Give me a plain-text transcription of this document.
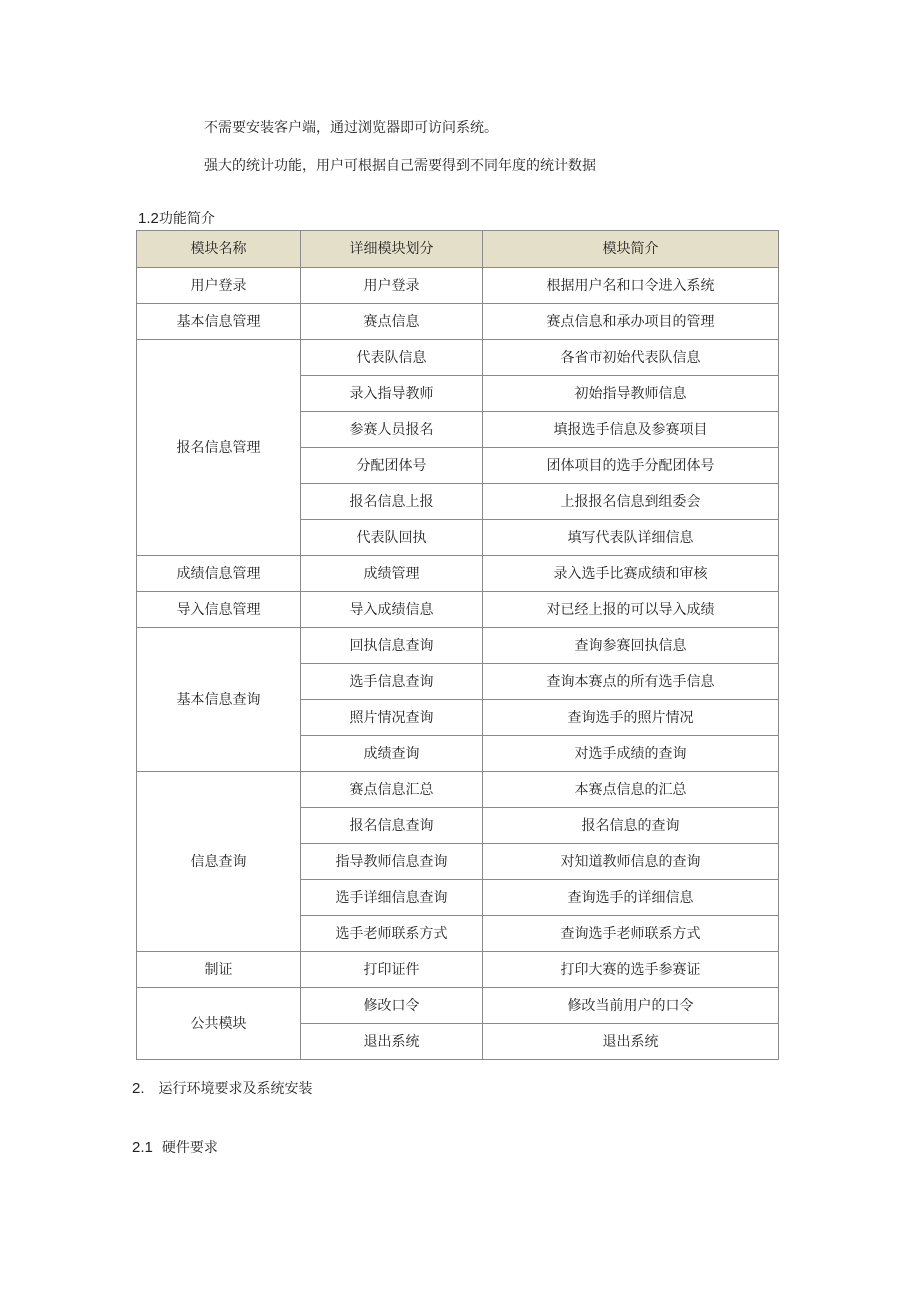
不需要安装客户端，通过浏览器即可访问系统。
强大的统计功能，用户可根据自己需要得到不同年度的统计数据
1.2功能简介
模块名称	详细模块划分	模块简介
用户登录	用户登录	根据用户名和口令进入系统
基本信息管理	赛点信息	赛点信息和承办项目的管理
报名信息管理	代表队信息	各省市初始代表队信息
	录入指导教师	初始指导教师信息
	参赛人员报名	填报选手信息及参赛项目
	分配团体号	团体项目的选手分配团体号
	报名信息上报	上报报名信息到组委会
	代表队回执	填写代表队详细信息
成绩信息管理	成绩管理	录入选手比赛成绩和审核
导入信息管理	导入成绩信息	对已经上报的可以导入成绩
基本信息查询	回执信息查询	查询参赛回执信息
	选手信息查询	查询本赛点的所有选手信息
	照片情况查询	查询选手的照片情况
	成绩查询	对选手成绩的查询
信息查询	赛点信息汇总	本赛点信息的汇总
	报名信息查询	报名信息的查询
	指导教师信息查询	对知道教师信息的查询
	选手详细信息查询	查询选手的详细信息
	选手老师联系方式	查询选手老师联系方式
制证	打印证件	打印大赛的选手参赛证
公共模块	修改口令	修改当前用户的口令
	退出系统	退出系统
2. 运行环境要求及系统安装
2.1 硬件要求
